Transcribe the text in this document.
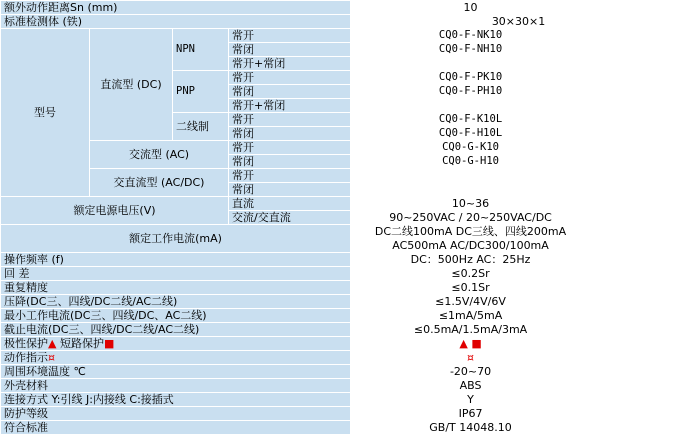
额外动作距离Sn (mm)				10	
标准检测体 (铁)				30×30×1	
型号	直流型 (DC)	NPN	常开	CQ0-F-NK10	
			常闭	CQ0-F-NH10	
			常开+常闭		
		PNP	常开	CQ0-F-PK10	
			常闭	CQ0-F-PH10	
			常开+常闭		
		二线制	常开	CQ0-F-K10L	
			常闭	CQ0-F-H10L	
	交流型 (AC)		常开	CQ0-G-K10	
			常闭	CQ0-G-H10	
	交直流型 (AC/DC)		常开		
			常闭		
额定电源电压(V)			直流	10~36	
			交流/交直流	90~250VAC / 20~250VAC/DC	
额定工作电流(mA)				DC二线100mA DC三线、四线200mA	
				AC500mA AC/DC300/100mA	
操作频率 (f)				DC：500Hz AC：25Hz	
回 差				≤0.2Sr	
重复精度				≤0.1Sr	
压降(DC三、四线/DC二线/AC二线)				≤1.5V/4V/6V	
最小工作电流(DC三、四线/DC、AC二线)				≤1mA/5mA	
截止电流(DC三、四线/DC二线/AC二线)				≤0.5mA/1.5mA/3mA	
极性保护▲ 短路保护■				▲ ■	
动作指示¤				¤	
周围环境温度 ℃				-20~70	
外壳材料				ABS	
连接方式 Y:引线 J:内接线 C:接插式				Y	
防护等级				IP67	
符合标准				GB/T 14048.10	
